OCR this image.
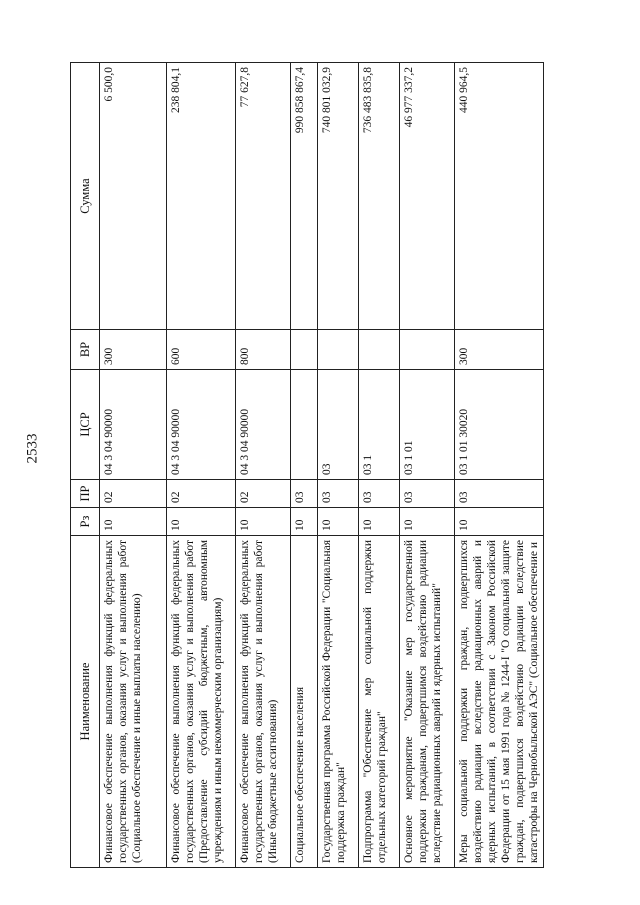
2533
Наименование	Рз	ПР	ЦСР	ВР	Сумма
Финансовое обеспечение выполнения функций федеральных государственных органов, оказания услуг и выполнения работ (Социальное обеспечение и иные выплаты населению)	10	02	04 3 04 90000	300	6 500,0
Финансовое обеспечение выполнения функций федеральных государственных органов, оказания услуг и выполнения работ (Предоставление субсидий бюджетным, автономным учреждениям и иным некоммерческим организациям)	10	02	04 3 04 90000	600	238 804,1
Финансовое обеспечение выполнения функций федеральных государственных органов, оказания услуг и выполнения работ (Иные бюджетные ассигнования)	10	02	04 3 04 90000	800	77 627,8
Социальное обеспечение населения	10	03			990 858 867,4
Государственная программа Российской Федерации "Социальная поддержка граждан"	10	03	03		740 801 032,9
Подпрограмма "Обеспечение мер социальной поддержки отдельных категорий граждан"	10	03	03 1		736 483 835,8
Основное мероприятие "Оказание мер государственной поддержки гражданам, подвергшимся воздействию радиации вследствие радиационных аварий и ядерных испытаний"	10	03	03 1 01		46 977 337,2
Меры социальной поддержки граждан, подвергшихся воздействию радиации вследствие радиационных аварий и ядерных испытаний, в соответствии с Законом Российской Федерации от 15 мая 1991 года № 1244-I "О социальной защите граждан, подвергшихся воздействию радиации вследствие катастрофы на Чернобыльской АЭС" (Социальное обеспечение и	10	03	03 1 01 30020	300	440 964,5
